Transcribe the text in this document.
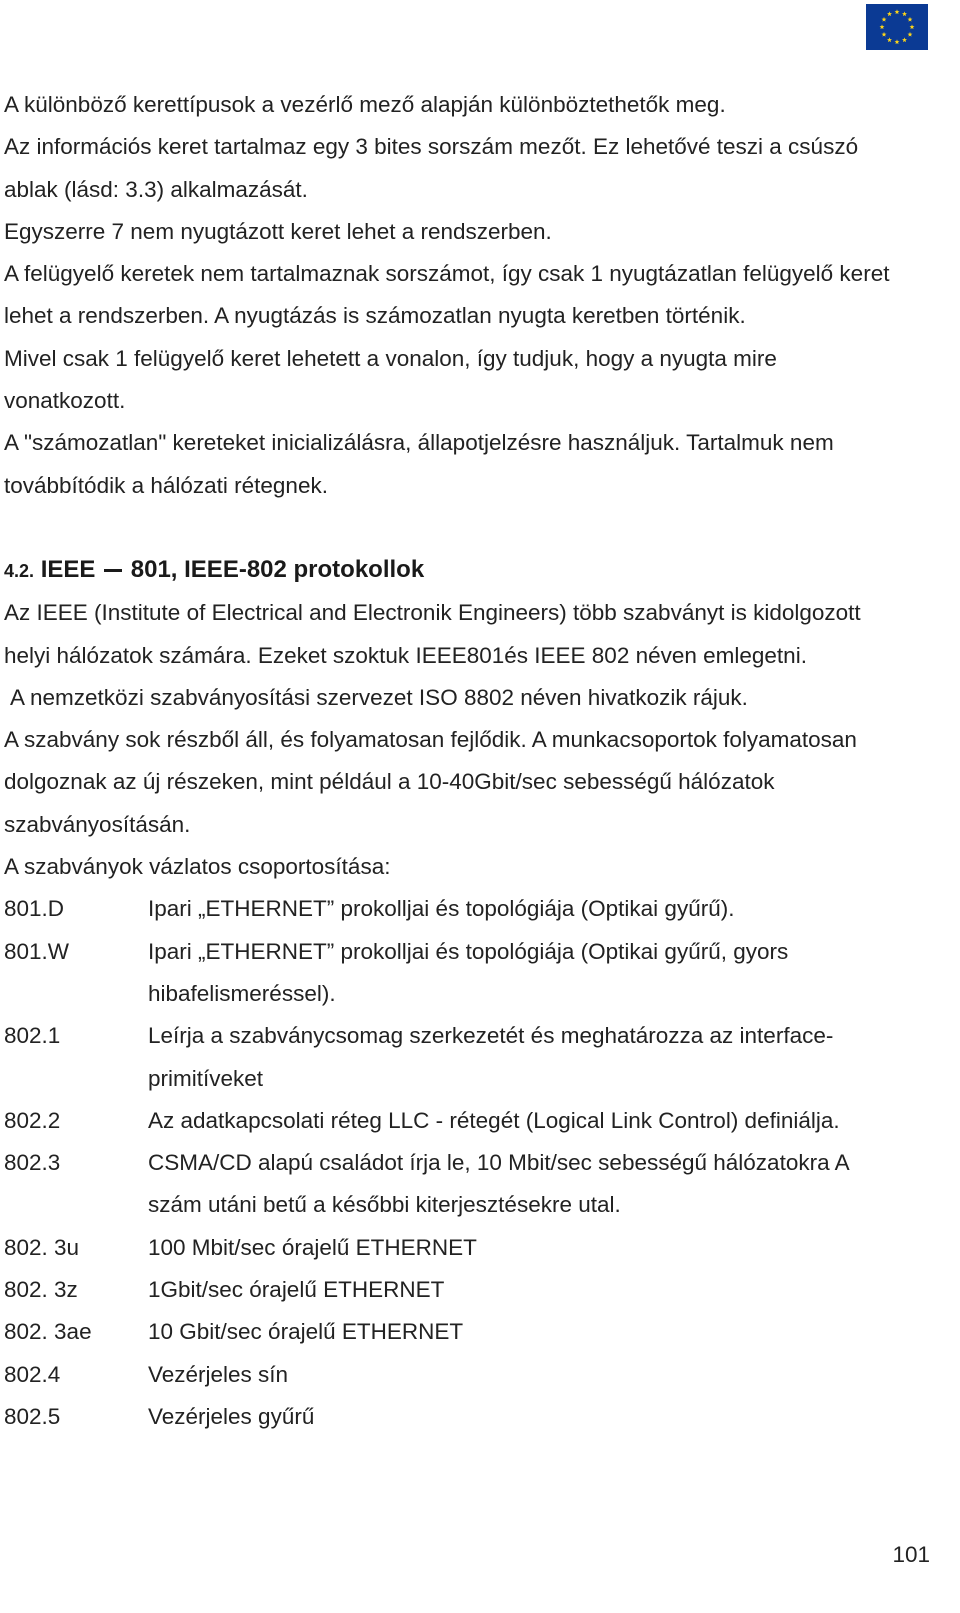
A különböző kerettípusok a vezérlő mező alapján különböztethetők meg.

Az információs keret tartalmaz egy 3 bites sorszám mezőt. Ez lehetővé teszi a csúszó ablak (lásd: 3.3) alkalmazását.

Egyszerre 7 nem nyugtázott keret lehet a rendszerben.

A felügyelő keretek nem tartalmaznak sorszámot, így csak 1 nyugtázatlan felügyelő keret lehet a rendszerben. A nyugtázás is számozatlan nyugta keretben történik.

Mivel csak 1 felügyelő keret lehetett a vonalon, így tudjuk, hogy a nyugta mire vonatkozott.

A "számozatlan" kereteket inicializálásra, állapotjelzésre használjuk. Tartalmuk nem továbbítódik a hálózati rétegnek.

4.2. IEEE 801, IEEE-802 protokollok

Az IEEE (Institute of Electrical and Electronik Engineers) több szabványt is kidolgozott helyi hálózatok számára. Ezeket szoktuk IEEE801és IEEE 802 néven emlegetni.

A nemzetközi szabványosítási szervezet ISO 8802 néven hivatkozik rájuk.

A szabvány sok részből áll, és folyamatosan fejlődik. A munkacsoportok folyamatosan dolgoznak az új részeken, mint például a 10-40Gbit/sec sebességű hálózatok szabványosításán.

A szabványok vázlatos csoportosítása:

801.D	Ipari „ETHERNET” prokolljai és topológiája (Optikai gyűrű).
801.W	Ipari „ETHERNET” prokolljai és topológiája (Optikai gyűrű, gyors hibafelismeréssel).
802.1	Leírja a szabványcsomag szerkezetét és meghatározza az interface-primitíveket
802.2	Az adatkapcsolati réteg LLC - rétegét (Logical Link Control) definiálja.
802.3	CSMA/CD alapú családot írja le, 10 Mbit/sec sebességű hálózatokra A szám utáni betű a későbbi kiterjesztésekre utal.
802. 3u	100 Mbit/sec órajelű ETHERNET
802. 3z	1Gbit/sec órajelű ETHERNET
802. 3ae	10 Gbit/sec órajelű ETHERNET
802.4	Vezérjeles sín
802.5	Vezérjeles gyűrű
101
